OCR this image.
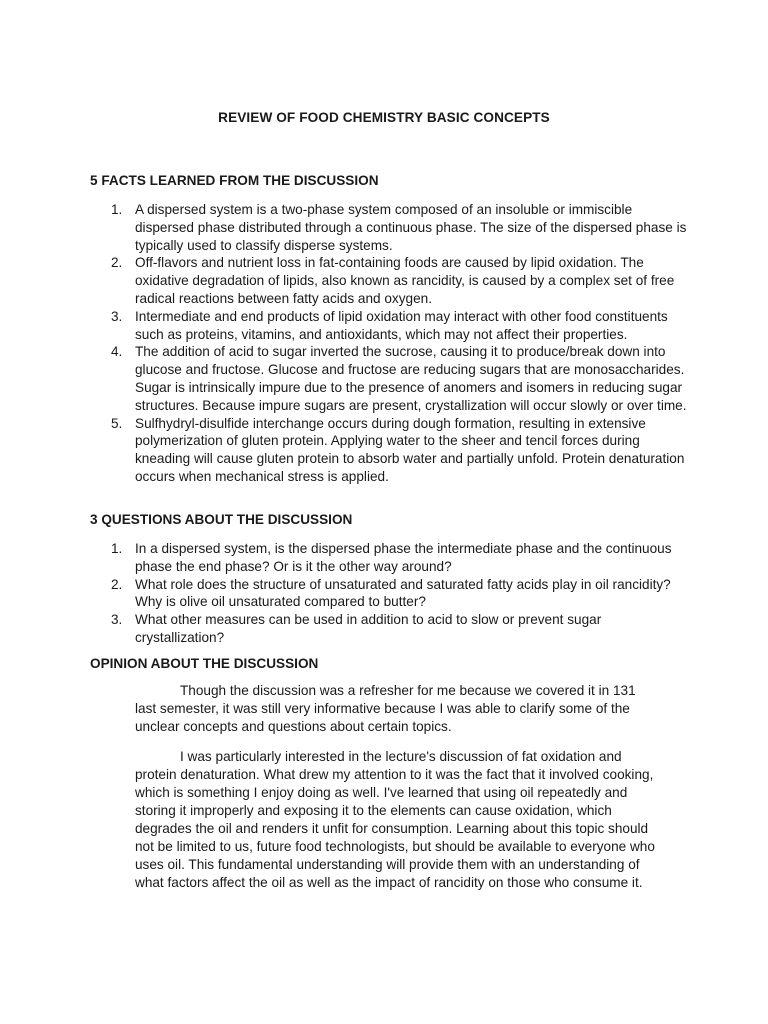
REVIEW OF FOOD CHEMISTRY BASIC CONCEPTS
5 FACTS LEARNED FROM THE DISCUSSION
1. A dispersed system is a two-phase system composed of an insoluble or immiscible dispersed phase distributed through a continuous phase. The size of the dispersed phase is typically used to classify disperse systems.
2. Off-flavors and nutrient loss in fat-containing foods are caused by lipid oxidation. The oxidative degradation of lipids, also known as rancidity, is caused by a complex set of free radical reactions between fatty acids and oxygen.
3. Intermediate and end products of lipid oxidation may interact with other food constituents such as proteins, vitamins, and antioxidants, which may not affect their properties.
4. The addition of acid to sugar inverted the sucrose, causing it to produce/break down into glucose and fructose. Glucose and fructose are reducing sugars that are monosaccharides. Sugar is intrinsically impure due to the presence of anomers and isomers in reducing sugar structures. Because impure sugars are present, crystallization will occur slowly or over time.
5. Sulfhydryl-disulfide interchange occurs during dough formation, resulting in extensive polymerization of gluten protein. Applying water to the sheer and tencil forces during kneading will cause gluten protein to absorb water and partially unfold. Protein denaturation occurs when mechanical stress is applied.
3 QUESTIONS ABOUT THE DISCUSSION
1. In a dispersed system, is the dispersed phase the intermediate phase and the continuous phase the end phase? Or is it the other way around?
2. What role does the structure of unsaturated and saturated fatty acids play in oil rancidity? Why is olive oil unsaturated compared to butter?
3. What other measures can be used in addition to acid to slow or prevent sugar crystallization?
OPINION ABOUT THE DISCUSSION

Though the discussion was a refresher for me because we covered it in 131 last semester, it was still very informative because I was able to clarify some of the unclear concepts and questions about certain topics.

I was particularly interested in the lecture's discussion of fat oxidation and protein denaturation. What drew my attention to it was the fact that it involved cooking, which is something I enjoy doing as well. I've learned that using oil repeatedly and storing it improperly and exposing it to the elements can cause oxidation, which degrades the oil and renders it unfit for consumption. Learning about this topic should not be limited to us, future food technologists, but should be available to everyone who uses oil. This fundamental understanding will provide them with an understanding of what factors affect the oil as well as the impact of rancidity on those who consume it.
